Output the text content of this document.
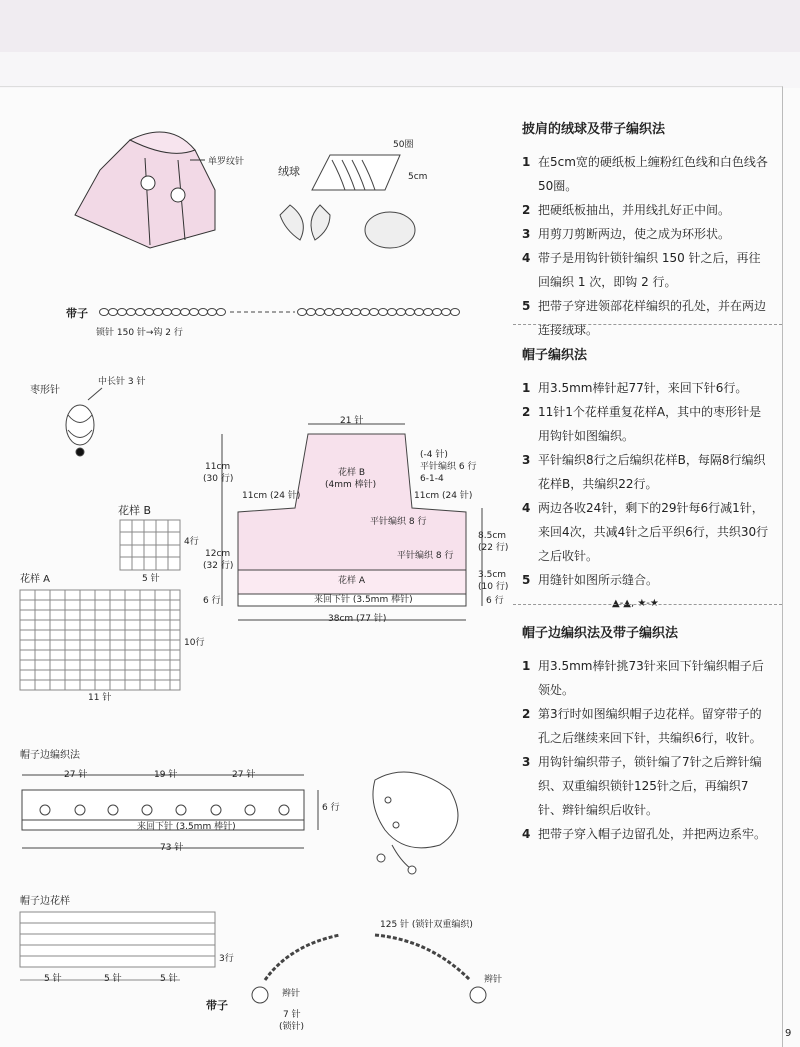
单罗纹针
绒球
50圈
5cm
带子
锁针 150 针→钩 2 行
枣形针
中长针 3 针
花样 B
4行
5 针
花样 A
10行
11 针
21 针
11cm
(30 行)
12cm
(32 行)
6 行
11cm (24 针)	11cm (24 针)
花样 B
(4mm 棒针)
(-4 针)
平针编织 6 行
6-1-4
平针编织 8 行
平针编织 8 行
8.5cm
(22 行)
3.5cm
(10 行)
6 行
花样 A
来回下针 (3.5mm 棒针)
38cm (77 针)
帽子边编织法
27 针	19 针	27 针
6 行
来回下针 (3.5mm 棒针)
73 针
帽子边花样
3行
5 针	5 针	5 针
带子
125 针 (锁针双重编织)
辫针
辫针
7 针
(锁针)
披肩的绒球及带子编织法
1 在5cm宽的硬纸板上缠粉红色线和白色线各50圈。
2 把硬纸板抽出，并用线扎好正中间。
3 用剪刀剪断两边，使之成为环形状。
4 带子是用钩针锁针编织 150 针之后，再往回编织 1 次，即钩 2 行。
5 把带子穿进领部花样编织的孔处，并在两边连接绒球。
帽子编织法
1 用3.5mm棒针起77针，来回下针6行。
2 11针1个花样重复花样A，其中的枣形针是用钩针如图编织。
3 平针编织8行之后编织花样B，每隔8行编织花样B，共编织22行。
4 两边各收24针，剩下的29针每6行减1针，来回4次，共减4针之后平织6行，共织30行之后收针。
5 用缝针如图所示缝合。
▲-▲, ★-★
帽子边编织法及带子编织法
1 用3.5mm棒针挑73针来回下针编织帽子后领处。
2 第3行时如图编织帽子边花样。留穿带子的孔之后继续来回下针，共编织6行，收针。
3 用钩针编织带子，锁针编了7针之后辫针编织、双重编织锁针125针之后，再编织7针、辫针编织后收针。
4 把带子穿入帽子边留孔处，并把两边系牢。
9
